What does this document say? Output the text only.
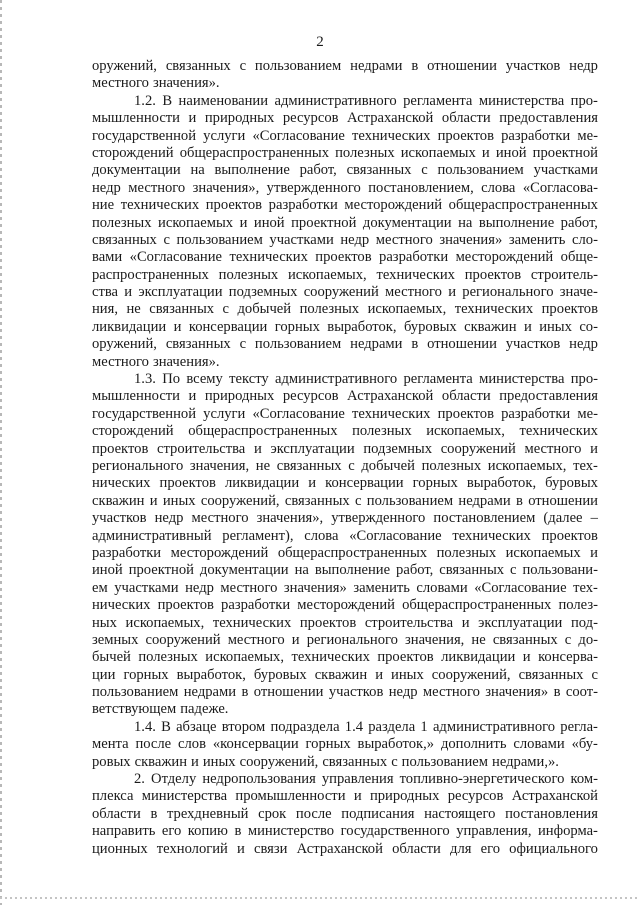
2
оружений, связанных с пользованием недрами в отношении участков недр
местного значения».
1.2. В наименовании административного регламента министерства про-
мышленности и природных ресурсов Астраханской области предоставления
государственной услуги «Согласование технических проектов разработки ме-
сторождений общераспространенных полезных ископаемых и иной проектной
документации на выполнение работ, связанных с пользованием участками
недр местного значения», утвержденного постановлением, слова «Согласова-
ние технических проектов разработки месторождений общераспространенных
полезных ископаемых и иной проектной документации на выполнение работ,
связанных с пользованием участками недр местного значения» заменить сло-
вами «Согласование технических проектов разработки месторождений обще-
распространенных полезных ископаемых, технических проектов строитель-
ства и эксплуатации подземных сооружений местного и регионального значе-
ния, не связанных с добычей полезных ископаемых, технических проектов
ликвидации и консервации горных выработок, буровых скважин и иных со-
оружений, связанных с пользованием недрами в отношении участков недр
местного значения».
1.3. По всему тексту административного регламента министерства про-
мышленности и природных ресурсов Астраханской области предоставления
государственной услуги «Согласование технических проектов разработки ме-
сторождений общераспространенных полезных ископаемых, технических
проектов строительства и эксплуатации подземных сооружений местного и
регионального значения, не связанных с добычей полезных ископаемых, тех-
нических проектов ликвидации и консервации горных выработок, буровых
скважин и иных сооружений, связанных с пользованием недрами в отношении
участков недр местного значения», утвержденного постановлением (далее –
административный регламент), слова «Согласование технических проектов
разработки месторождений общераспространенных полезных ископаемых и
иной проектной документации на выполнение работ, связанных с пользовани-
ем участками недр местного значения» заменить словами «Согласование тех-
нических проектов разработки месторождений общераспространенных полез-
ных ископаемых, технических проектов строительства и эксплуатации под-
земных сооружений местного и регионального значения, не связанных с до-
бычей полезных ископаемых, технических проектов ликвидации и консерва-
ции горных выработок, буровых скважин и иных сооружений, связанных с
пользованием недрами в отношении участков недр местного значения» в соот-
ветствующем падеже.
1.4. В абзаце втором подраздела 1.4 раздела 1 административного регла-
мента после слов «консервации горных выработок,» дополнить словами «бу-
ровых скважин и иных сооружений, связанных с пользованием недрами,».
2. Отделу недропользования управления топливно-энергетического ком-
плекса министерства промышленности и природных ресурсов Астраханской
области в трехдневный срок после подписания настоящего постановления
направить его копию в министерство государственного управления, информа-
ционных технологий и связи Астраханской области для его официального
